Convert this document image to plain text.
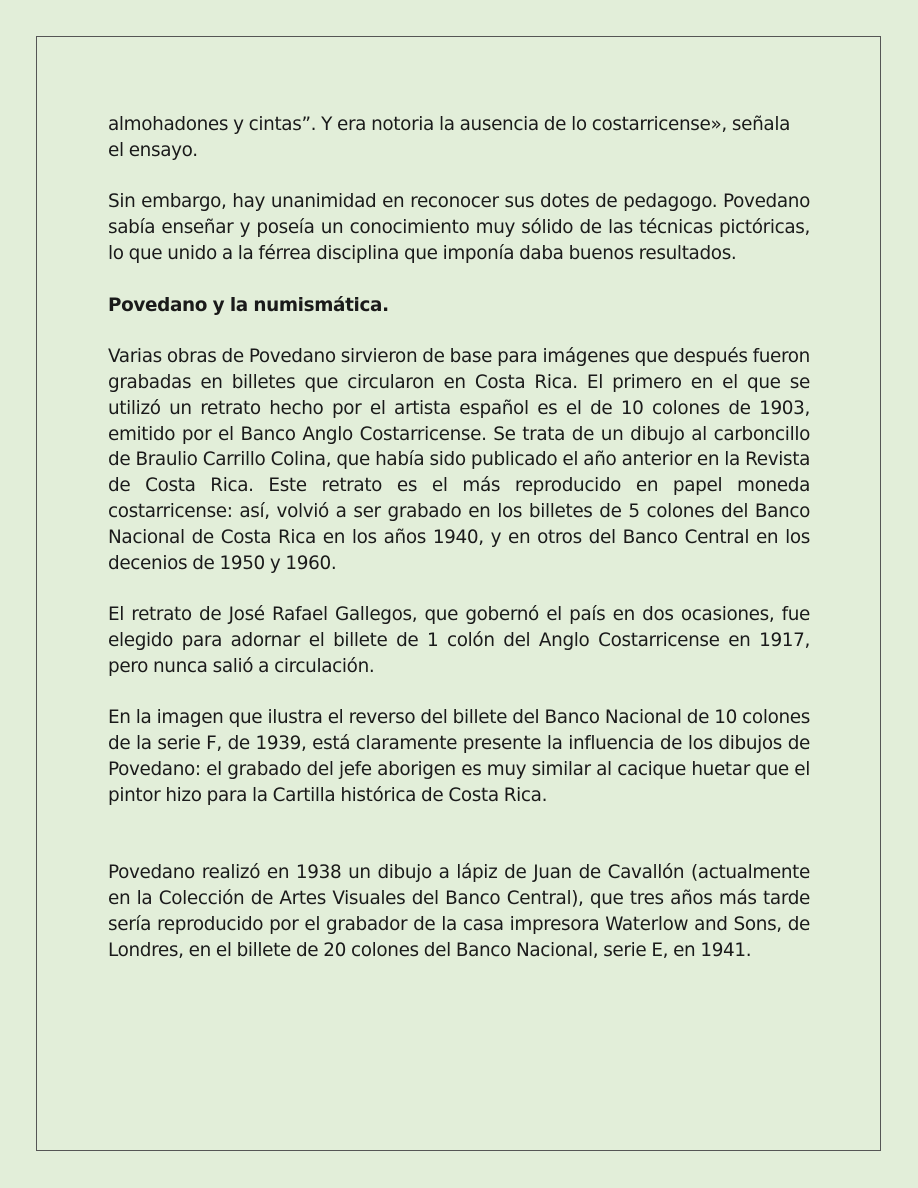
almohadones y cintas”. Y era notoria la ausencia de lo costarricense», señala el ensayo.

Sin embargo, hay unanimidad en reconocer sus dotes de pedagogo. Povedano sabía enseñar y poseía un conocimiento muy sólido de las técnicas pictóricas, lo que unido a la férrea disciplina que imponía daba buenos resultados.

Povedano y la numismática.

Varias obras de Povedano sirvieron de base para imágenes que después fueron grabadas en billetes que circularon en Costa Rica. El primero en el que se utilizó un retrato hecho por el artista español es el de 10 colones de 1903, emitido por el Banco Anglo Costarricense. Se trata de un dibujo al carboncillo de Braulio Carrillo Colina, que había sido publicado el año anterior en la Revista de Costa Rica. Este retrato es el más reproducido en papel moneda costarricense: así, volvió a ser grabado en los billetes de 5 colones del Banco Nacional de Costa Rica en los años 1940, y en otros del Banco Central en los decenios de 1950 y 1960.

El retrato de José Rafael Gallegos, que gobernó el país en dos ocasiones, fue elegido para adornar el billete de 1 colón del Anglo Costarricense en 1917, pero nunca salió a circulación.

En la imagen que ilustra el reverso del billete del Banco Nacional de 10 colones de la serie F, de 1939, está claramente presente la influencia de los dibujos de Povedano: el grabado del jefe aborigen es muy similar al cacique huetar que el pintor hizo para la Cartilla histórica de Costa Rica.

Povedano realizó en 1938 un dibujo a lápiz de Juan de Cavallón (actualmente en la Colección de Artes Visuales del Banco Central), que tres años más tarde sería reproducido por el grabador de la casa impresora Waterlow and Sons, de Londres, en el billete de 20 colones del Banco Nacional, serie E, en 1941.
